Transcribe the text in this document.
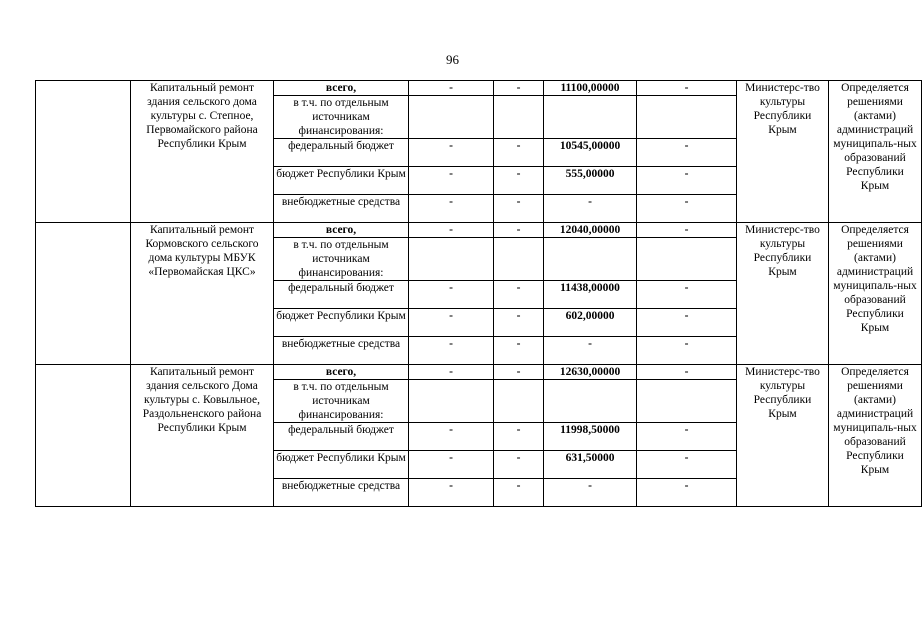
96
	Капитальный ремонт здания сельского дома культуры с. Степное, Первомайского района Республики Крым	всего,	-	-	11100,00000	-	Министерс-тво культуры Республики Крым	Определяется решениями (актами) администраций муниципаль-ных образований Республики Крым
		в т.ч. по отдельным источникам финансирования:						
		федеральный бюджет	-	-	10545,00000	-		
		бюджет Республики Крым	-	-	555,00000	-		
		внебюджетные средства	-	-	-	-		
	Капитальный ремонт Кормовского сельского дома культуры МБУК «Первомайская ЦКС»	всего,	-	-	12040,00000	-	Министерс-тво культуры Республики Крым	Определяется решениями (актами) администраций муниципаль-ных образований Республики Крым
		в т.ч. по отдельным источникам финансирования:						
		федеральный бюджет	-	-	11438,00000	-		
		бюджет Республики Крым	-	-	602,00000	-		
		внебюджетные средства	-	-	-	-		
	Капитальный ремонт здания сельского Дома культуры с. Ковыльное, Раздольненского района Республики Крым	всего,	-	-	12630,00000	-	Министерс-тво культуры Республики Крым	Определяется решениями (актами) администраций муниципаль-ных образований Республики Крым
		в т.ч. по отдельным источникам финансирования:						
		федеральный бюджет	-	-	11998,50000	-		
		бюджет Республики Крым	-	-	631,50000	-		
		внебюджетные средства	-	-	-	-		
